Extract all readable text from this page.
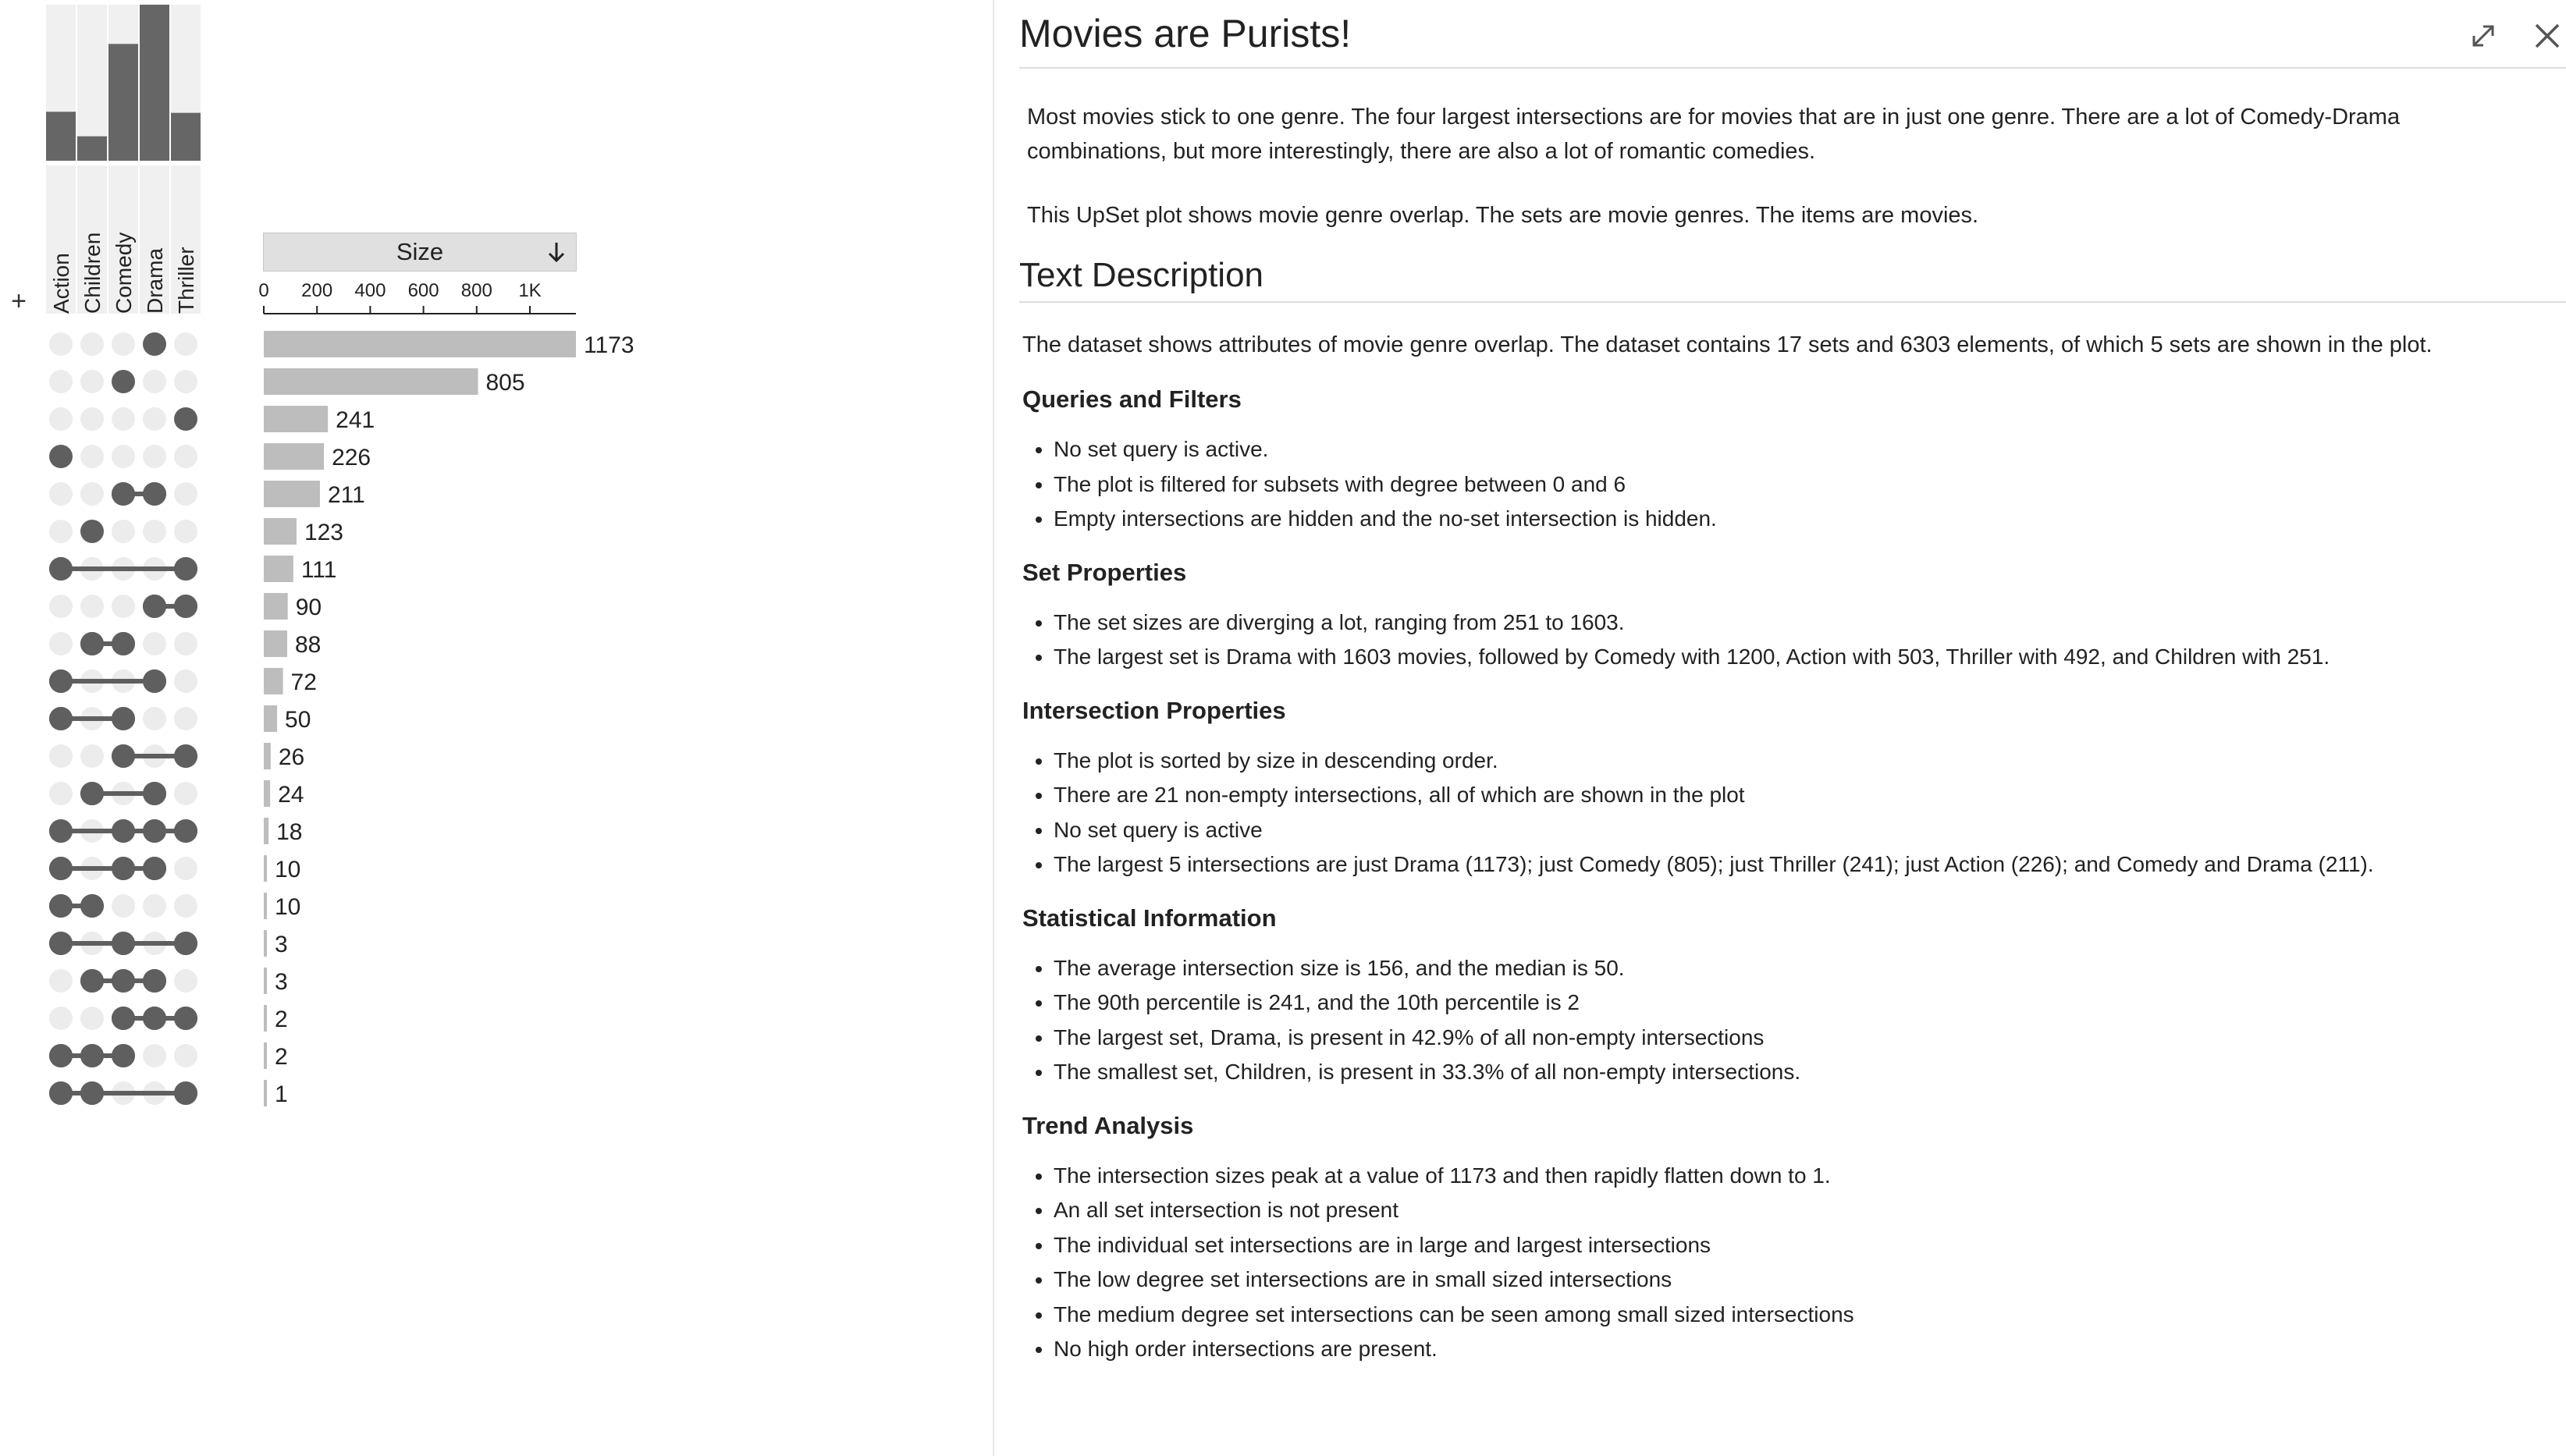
Action Children Comedy Drama Thriller	0 200 400 600 800 1K
1173
805
241
226
211
123
111
90
88
72
50
26
24
18
10
10
3
3
2
2
1
+
Size
Movies are Purists!

Most movies stick to one genre. The four largest intersections are for movies that are in just one genre. There are a lot of Comedy-Drama combinations, but more interestingly, there are also a lot of romantic comedies.

This UpSet plot shows movie genre overlap. The sets are movie genres. The items are movies.

Text Description

The dataset shows attributes of movie genre overlap. The dataset contains 17 sets and 6303 elements, of which 5 sets are shown in the plot.

Queries and Filters
• No set query is active.
• The plot is filtered for subsets with degree between 0 and 6
• Empty intersections are hidden and the no-set intersection is hidden.
Set Properties
• The set sizes are diverging a lot, ranging from 251 to 1603.
• The largest set is Drama with 1603 movies, followed by Comedy with 1200, Action with 503, Thriller with 492, and Children with 251.
Intersection Properties
• The plot is sorted by size in descending order.
• There are 21 non-empty intersections, all of which are shown in the plot
• No set query is active
• The largest 5 intersections are just Drama (1173); just Comedy (805); just Thriller (241); just Action (226); and Comedy and Drama (211).
Statistical Information
• The average intersection size is 156, and the median is 50.
• The 90th percentile is 241, and the 10th percentile is 2
• The largest set, Drama, is present in 42.9% of all non-empty intersections
• The smallest set, Children, is present in 33.3% of all non-empty intersections.
Trend Analysis
• The intersection sizes peak at a value of 1173 and then rapidly flatten down to 1.
• An all set intersection is not present
• The individual set intersections are in large and largest intersections
• The low degree set intersections are in small sized intersections
• The medium degree set intersections can be seen among small sized intersections
• No high order intersections are present.
